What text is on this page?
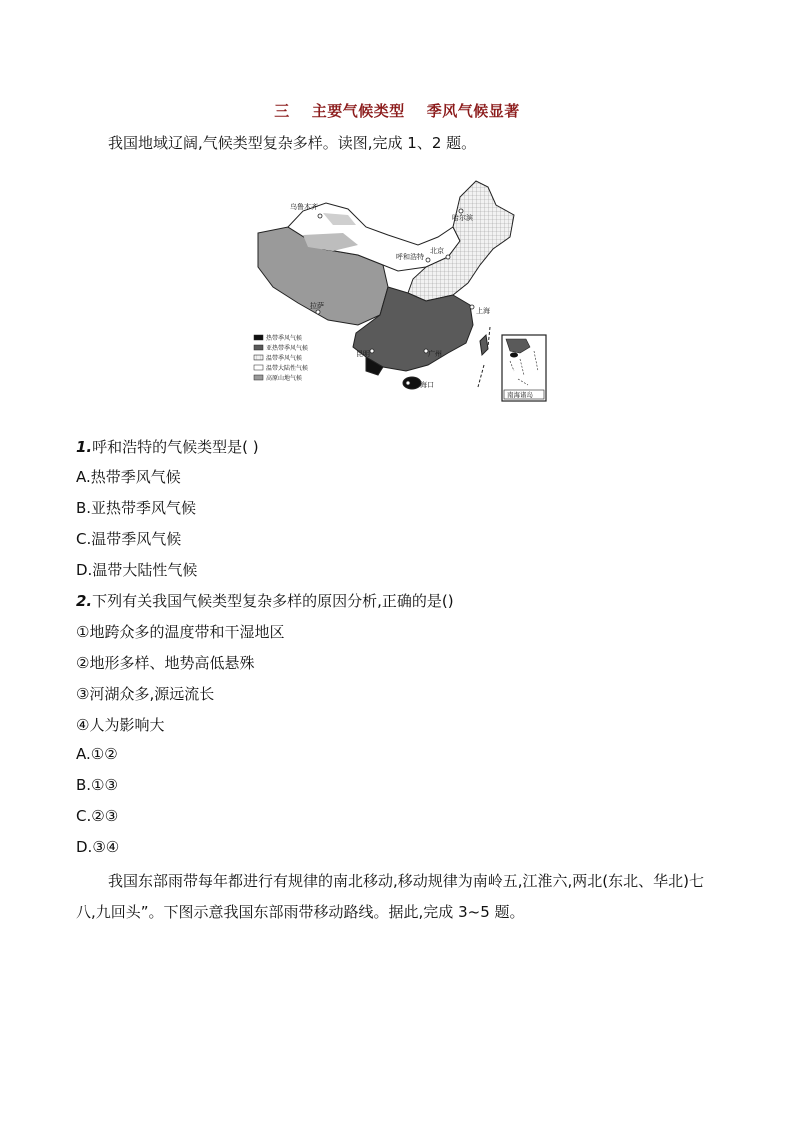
三 主要气候类型 季风气候显著
我国地域辽阔,气候类型复杂多样。读图,完成 1、2 题。
乌鲁木齐
哈尔滨
呼和浩特
北京
拉萨
上海
昆明	广州
海口
热带季风气候
亚热带季风气候
温带季风气候
温带大陆性气候
高原山地气候
南海诸岛
1.呼和浩特的气候类型是( )
A.热带季风气候
B.亚热带季风气候
C.温带季风气候
D.温带大陆性气候
2.下列有关我国气候类型复杂多样的原因分析,正确的是()
①地跨众多的温度带和干湿地区
②地形多样、地势高低悬殊
③河湖众多,源远流长
④人为影响大
A.①②
B.①③
C.②③
D.③④
我国东部雨带每年都进行有规律的南北移动,移动规律为南岭五,江淮六,两北(东北、华北)七八,九回头”。下图示意我国东部雨带移动路线。据此,完成 3~5 题。
